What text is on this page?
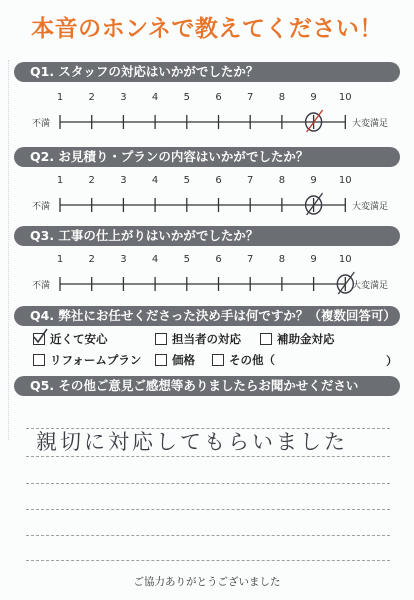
本音のホンネで教えてください！
Q1. スタッフの対応はいかがでしたか？
不満	大変満足
1	2	3	4	5	6	7	8	9	10
Q2. お見積り・プランの内容はいかがでしたか？
不満	大変満足
1	2	3	4	5	6	7	8	9	10
Q3. 工事の仕上がりはいかがでしたか？
不満	大変満足
1	2	3	4	5	6	7	8	9	10
Q4. 弊社にお任せくださった決め手は何ですか？（複数回答可）
近くて安心	担当者の対応	補助金対応
リフォームプラン	価格	その他（	）
Q5. その他ご意見ご感想等ありましたらお聞かせください
親切に対応してもらいました
ご協力ありがとうございました
